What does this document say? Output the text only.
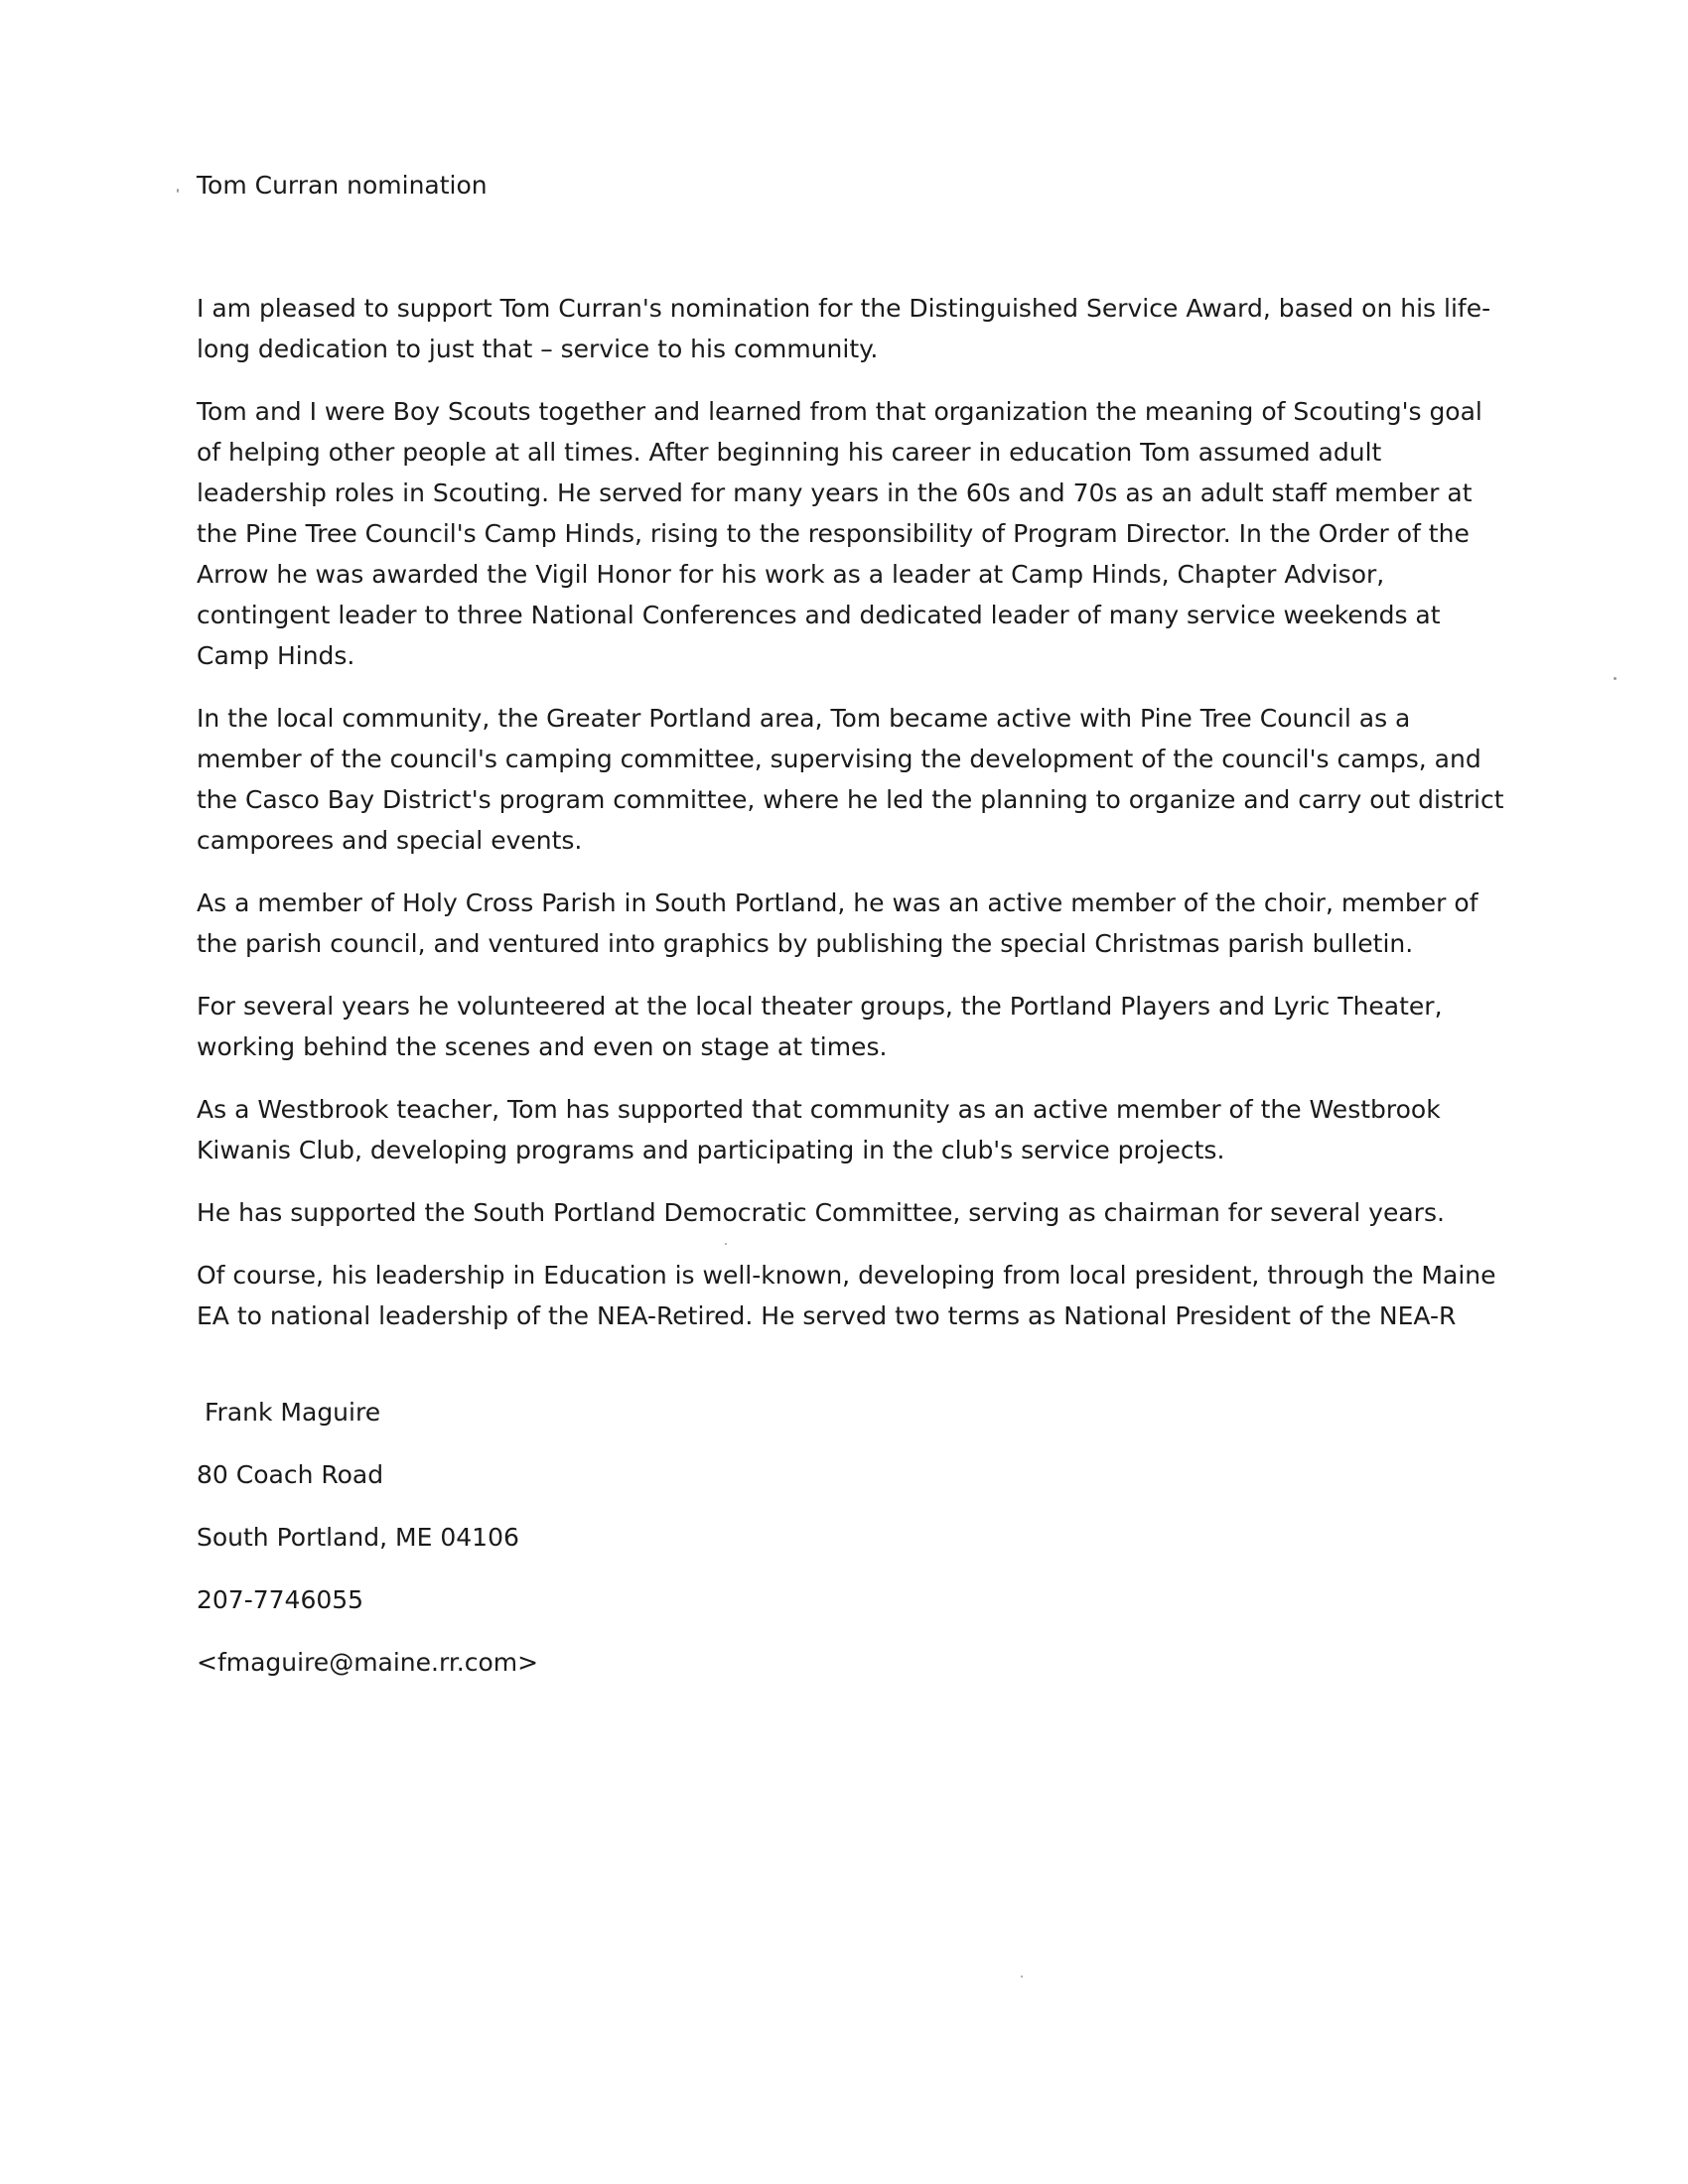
Tom Curran nomination

I am pleased to support Tom Curran's nomination for the Distinguished Service Award, based on his life-long dedication to just that – service to his community.

Tom and I were Boy Scouts together and learned from that organization the meaning of Scouting's goal of helping other people at all times. After beginning his career in education Tom assumed adult leadership roles in Scouting. He served for many years in the 60s and 70s as an adult staff member at the Pine Tree Council's Camp Hinds, rising to the responsibility of Program Director. In the Order of the Arrow he was awarded the Vigil Honor for his work as a leader at Camp Hinds, Chapter Advisor, contingent leader to three National Conferences and dedicated leader of many service weekends at Camp Hinds.

In the local community, the Greater Portland area, Tom became active with Pine Tree Council as a member of the council's camping committee, supervising the development of the council's camps, and the Casco Bay District's program committee, where he led the planning to organize and carry out district camporees and special events.

As a member of Holy Cross Parish in South Portland, he was an active member of the choir, member of the parish council, and ventured into graphics by publishing the special Christmas parish bulletin.

For several years he volunteered at the local theater groups, the Portland Players and Lyric Theater, working behind the scenes and even on stage at times.

As a Westbrook teacher, Tom has supported that community as an active member of the Westbrook Kiwanis Club, developing programs and participating in the club's service projects.

He has supported the South Portland Democratic Committee, serving as chairman for several years.

Of course, his leadership in Education is well-known, developing from local president, through the Maine EA to national leadership of the NEA-Retired. He served two terms as National President of the NEA-R

Frank Maguire

80 Coach Road

South Portland, ME 04106

207-7746055

<fmaguire@maine.rr.com>
